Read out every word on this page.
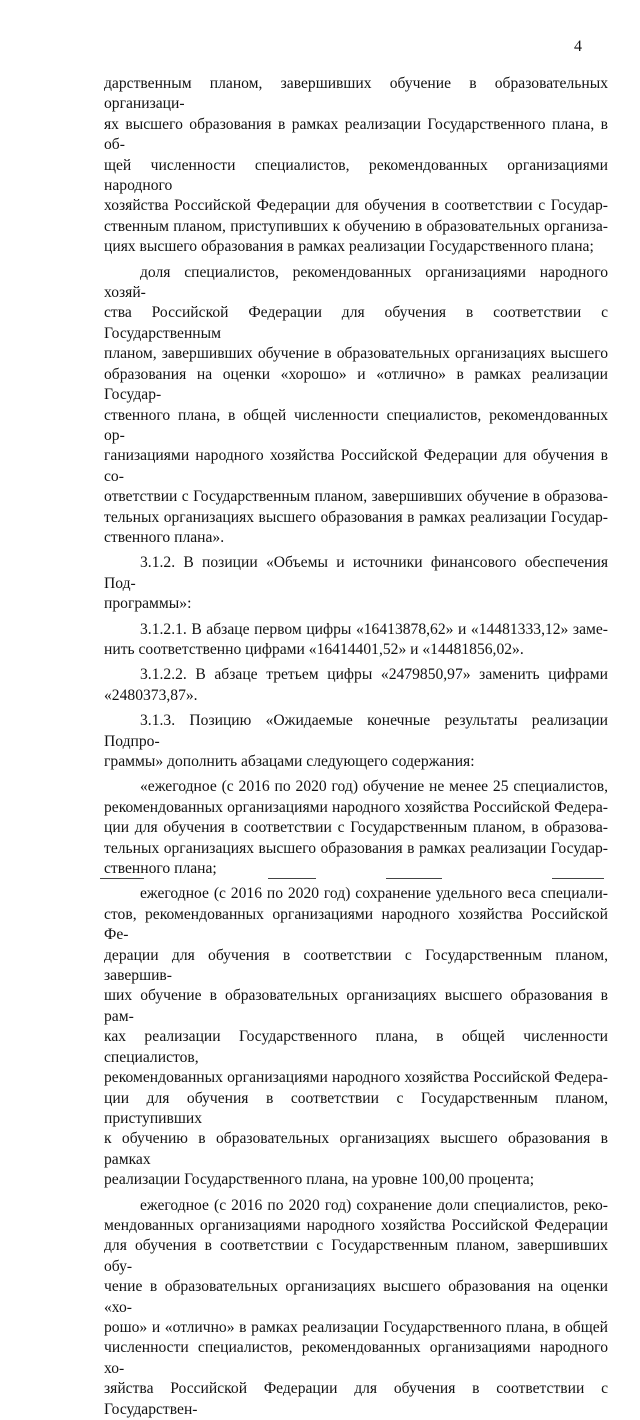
4

дарственным планом, завершивших обучение в образовательных организаци-
ях высшего образования в рамках реализации Государственного плана, в об-
щей численности специалистов, рекомендованных организациями народного
хозяйства Российской Федерации для обучения в соответствии с Государ-
ственным планом, приступивших к обучению в образовательных организа-
циях высшего образования в рамках реализации Государственного плана;

доля специалистов, рекомендованных организациями народного хозяй-
ства Российской Федерации для обучения в соответствии с Государственным
планом, завершивших обучение в образовательных организациях высшего
образования на оценки «хорошо» и «отлично» в рамках реализации Государ-
ственного плана, в общей численности специалистов, рекомендованных ор-
ганизациями народного хозяйства Российской Федерации для обучения в со-
ответствии с Государственным планом, завершивших обучение в образова-
тельных организациях высшего образования в рамках реализации Государ-
ственного плана».

3.1.2. В позиции «Объемы и источники финансового обеспечения Под-
программы»:

3.1.2.1. В абзаце первом цифры «16413878,62» и «14481333,12» заме-
нить соответственно цифрами «16414401,52» и «14481856,02».

3.1.2.2. В абзаце третьем цифры «2479850,97» заменить цифрами
«2480373,87».

3.1.3. Позицию «Ожидаемые конечные результаты реализации Подпро-
граммы» дополнить абзацами следующего содержания:

«ежегодное (с 2016 по 2020 год) обучение не менее 25 специалистов,
рекомендованных организациями народного хозяйства Российской Федера-
ции для обучения в соответствии с Государственным планом, в образова-
тельных организациях высшего образования в рамках реализации Государ-
ственного плана;

ежегодное (с 2016 по 2020 год) сохранение удельного веса специали-
стов, рекомендованных организациями народного хозяйства Российской Фе-
дерации для обучения в соответствии с Государственным планом, завершив-
ших обучение в образовательных организациях высшего образования в рам-
ках реализации Государственного плана, в общей численности специалистов,
рекомендованных организациями народного хозяйства Российской Федера-
ции для обучения в соответствии с Государственным планом, приступивших
к обучению в образовательных организациях высшего образования в рамках
реализации Государственного плана, на уровне 100,00 процента;

ежегодное (с 2016 по 2020 год) сохранение доли специалистов, реко-
мендованных организациями народного хозяйства Российской Федерации
для обучения в соответствии с Государственным планом, завершивших обу-
чение в образовательных организациях высшего образования на оценки «хо-
рошо» и «отлично» в рамках реализации Государственного плана, в общей
численности специалистов, рекомендованных организациями народного хо-
зяйства Российской Федерации для обучения в соответствии с Государствен-
